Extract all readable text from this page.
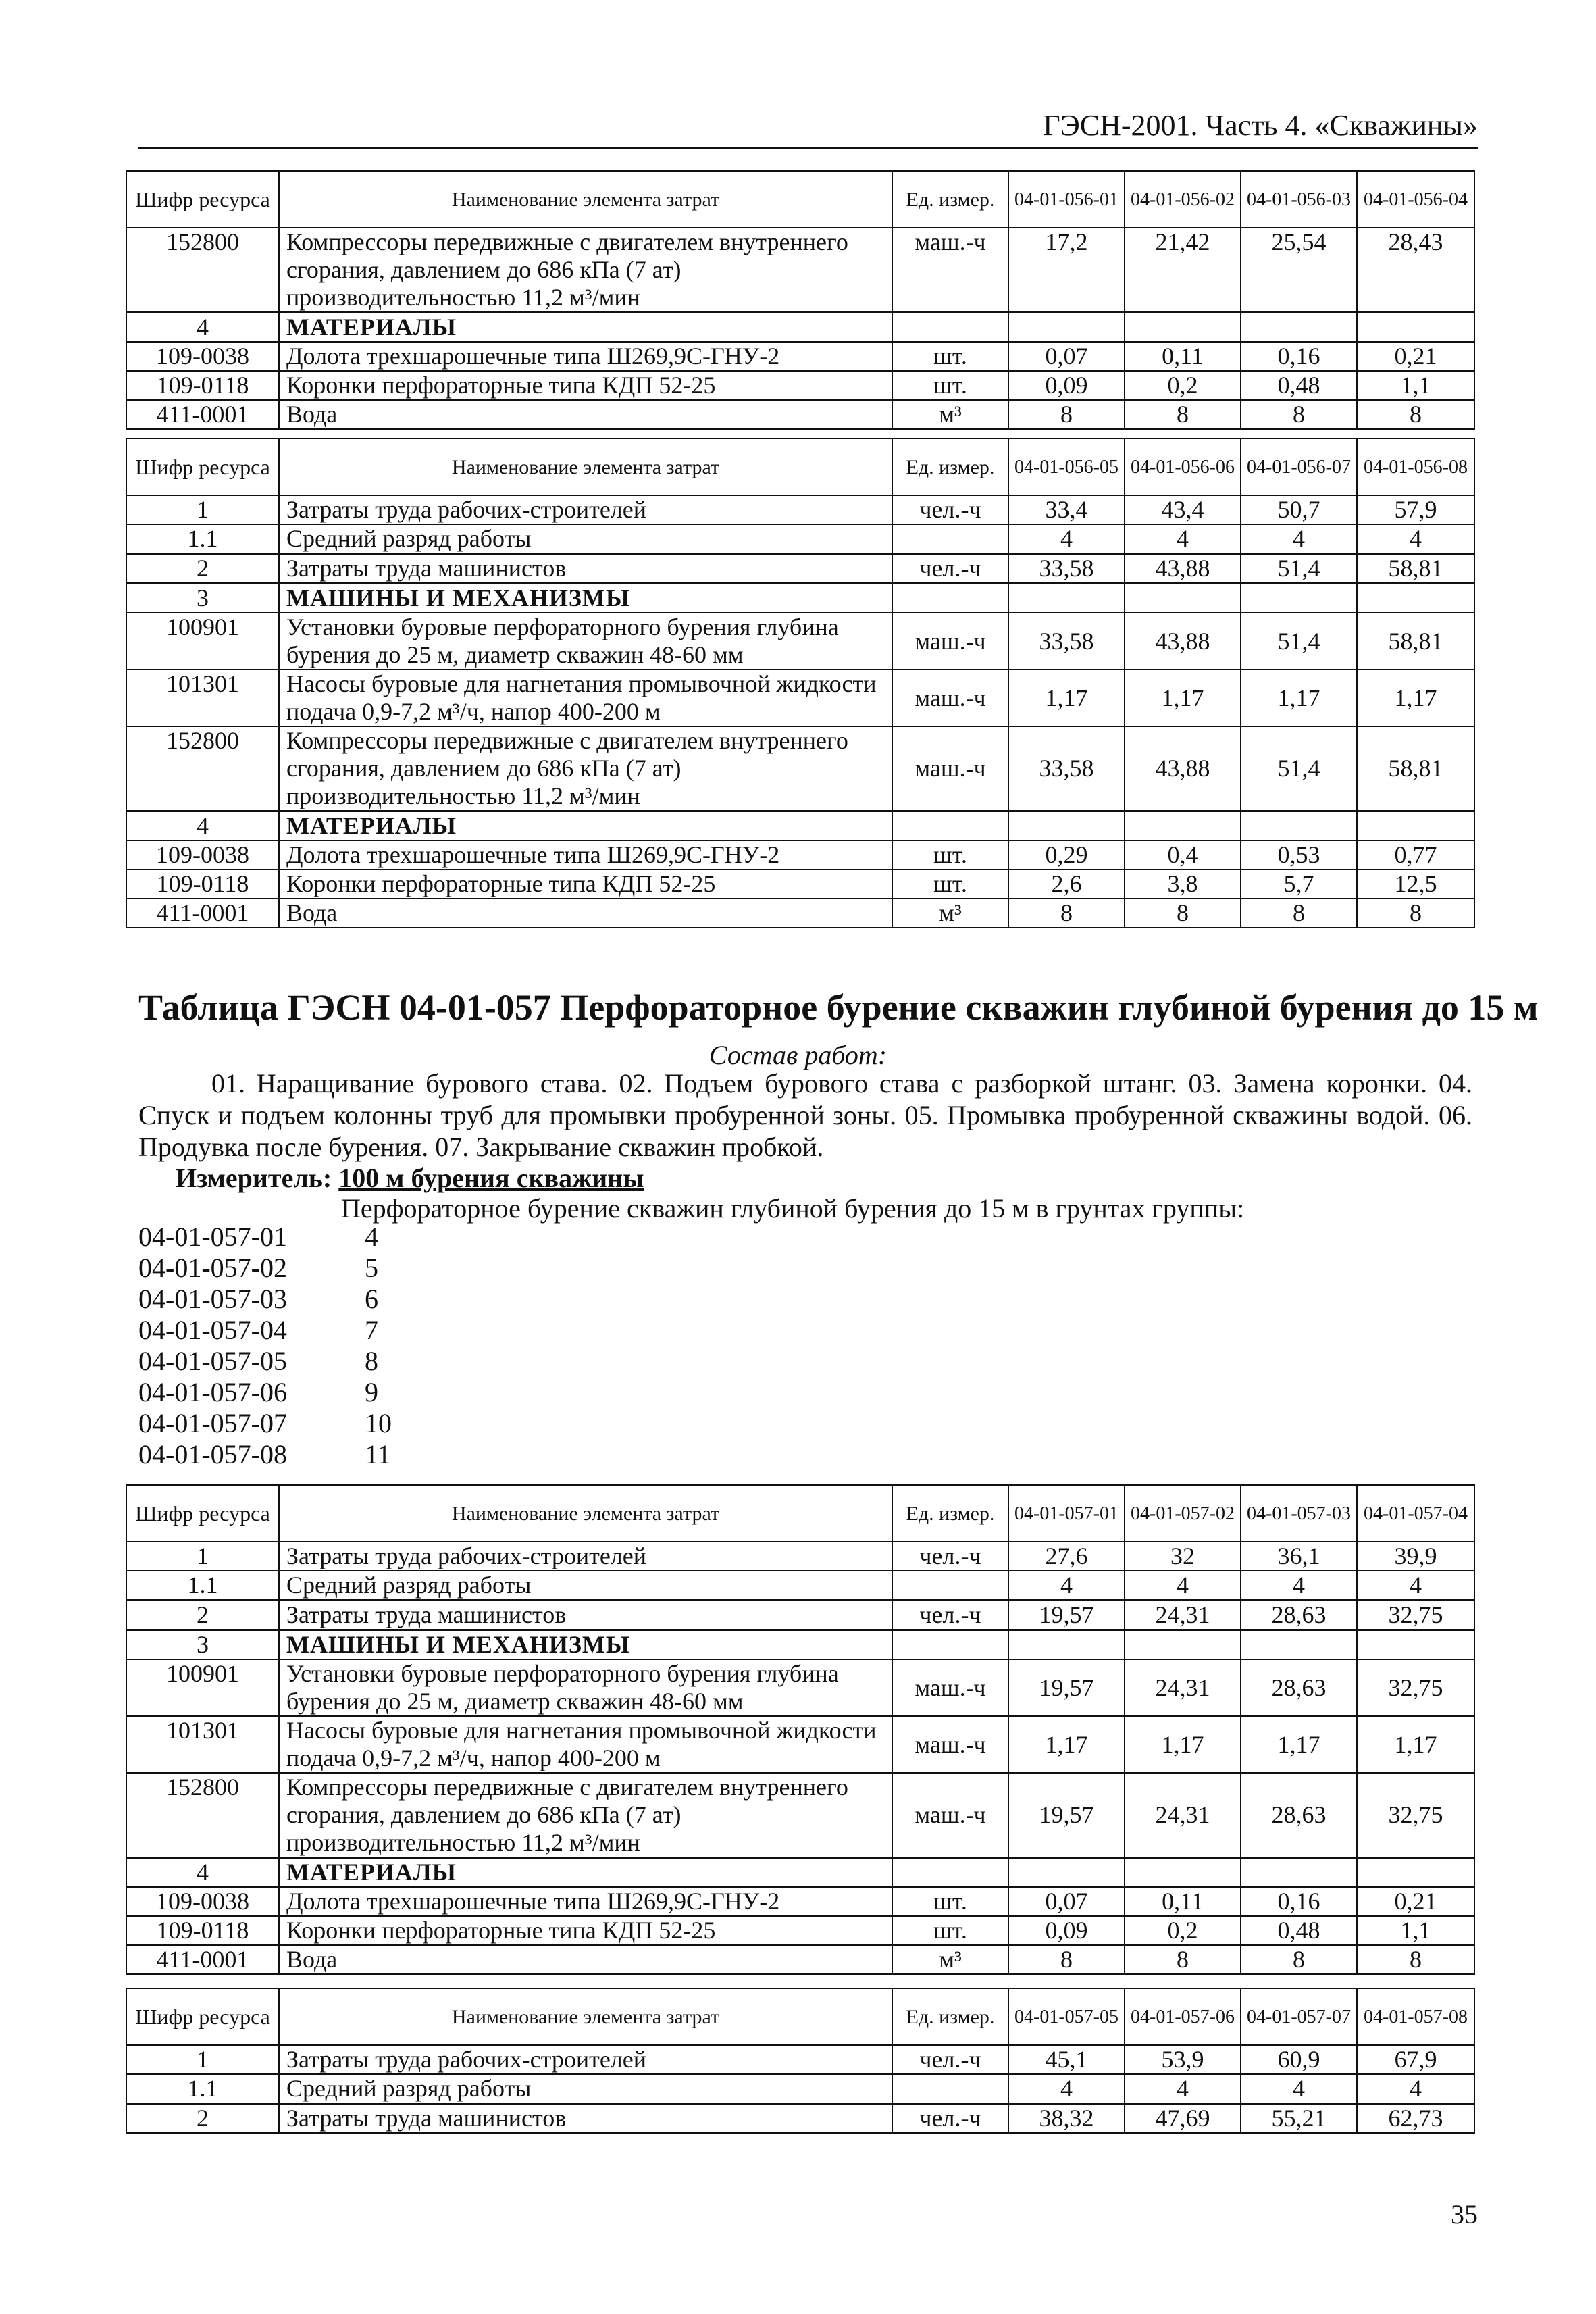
ГЭСН-2001. Часть 4. «Скважины»
Шифр ресурса	Наименование элемента затрат	Ед. измер.	04-01-056-01	04-01-056-02	04-01-056-03	04-01-056-04
152800	Компрессоры передвижные с двигателем внутреннего сгорания, давлением до 686 кПа (7 ат) производительностью 11,2 м³/мин	маш.-ч	17,2	21,42	25,54	28,43
4	МАТЕРИАЛЫ					
109-0038	Долота трехшарошечные типа Ш269,9С-ГНУ-2	шт.	0,07	0,11	0,16	0,21
109-0118	Коронки перфораторные типа КДП 52-25	шт.	0,09	0,2	0,48	1,1
411-0001	Вода	м³	8	8	8	8
Шифр ресурса	Наименование элемента затрат	Ед. измер.	04-01-056-05	04-01-056-06	04-01-056-07	04-01-056-08
1	Затраты труда рабочих-строителей	чел.-ч	33,4	43,4	50,7	57,9
1.1	Средний разряд работы		4	4	4	4
2	Затраты труда машинистов	чел.-ч	33,58	43,88	51,4	58,81
3	МАШИНЫ И МЕХАНИЗМЫ					
100901	Установки буровые перфораторного бурения глубина бурения до 25 м, диаметр скважин 48-60 мм	маш.-ч	33,58	43,88	51,4	58,81
101301	Насосы буровые для нагнетания промывочной жидкости подача 0,9-7,2 м³/ч, напор 400-200 м	маш.-ч	1,17	1,17	1,17	1,17
152800	Компрессоры передвижные с двигателем внутреннего сгорания, давлением до 686 кПа (7 ат) производительностью 11,2 м³/мин	маш.-ч	33,58	43,88	51,4	58,81
4	МАТЕРИАЛЫ					
109-0038	Долота трехшарошечные типа Ш269,9С-ГНУ-2	шт.	0,29	0,4	0,53	0,77
109-0118	Коронки перфораторные типа КДП 52-25	шт.	2,6	3,8	5,7	12,5
411-0001	Вода	м³	8	8	8	8
Таблица ГЭСН 04-01-057 Перфораторное бурение скважин глубиной бурения до 15 м
Состав работ:
01. Наращивание бурового става. 02. Подъем бурового става с разборкой штанг. 03. Замена коронки. 04. Спуск и подъем колонны труб для промывки пробуренной зоны. 05. Промывка пробуренной скважины водой. 06. Продувка после бурения. 07. Закрывание скважин пробкой.
Измеритель: 100 м бурения скважины
Перфораторное бурение скважин глубиной бурения до 15 м в грунтах группы:
04-01-057-01	4
04-01-057-02	5
04-01-057-03	6
04-01-057-04	7
04-01-057-05	8
04-01-057-06	9
04-01-057-07	10
04-01-057-08	11
Шифр ресурса	Наименование элемента затрат	Ед. измер.	04-01-057-01	04-01-057-02	04-01-057-03	04-01-057-04
1	Затраты труда рабочих-строителей	чел.-ч	27,6	32	36,1	39,9
1.1	Средний разряд работы		4	4	4	4
2	Затраты труда машинистов	чел.-ч	19,57	24,31	28,63	32,75
3	МАШИНЫ И МЕХАНИЗМЫ					
100901	Установки буровые перфораторного бурения глубина бурения до 25 м, диаметр скважин 48-60 мм	маш.-ч	19,57	24,31	28,63	32,75
101301	Насосы буровые для нагнетания промывочной жидкости подача 0,9-7,2 м³/ч, напор 400-200 м	маш.-ч	1,17	1,17	1,17	1,17
152800	Компрессоры передвижные с двигателем внутреннего сгорания, давлением до 686 кПа (7 ат) производительностью 11,2 м³/мин	маш.-ч	19,57	24,31	28,63	32,75
4	МАТЕРИАЛЫ					
109-0038	Долота трехшарошечные типа Ш269,9С-ГНУ-2	шт.	0,07	0,11	0,16	0,21
109-0118	Коронки перфораторные типа КДП 52-25	шт.	0,09	0,2	0,48	1,1
411-0001	Вода	м³	8	8	8	8
Шифр ресурса	Наименование элемента затрат	Ед. измер.	04-01-057-05	04-01-057-06	04-01-057-07	04-01-057-08
1	Затраты труда рабочих-строителей	чел.-ч	45,1	53,9	60,9	67,9
1.1	Средний разряд работы		4	4	4	4
2	Затраты труда машинистов	чел.-ч	38,32	47,69	55,21	62,73
35
